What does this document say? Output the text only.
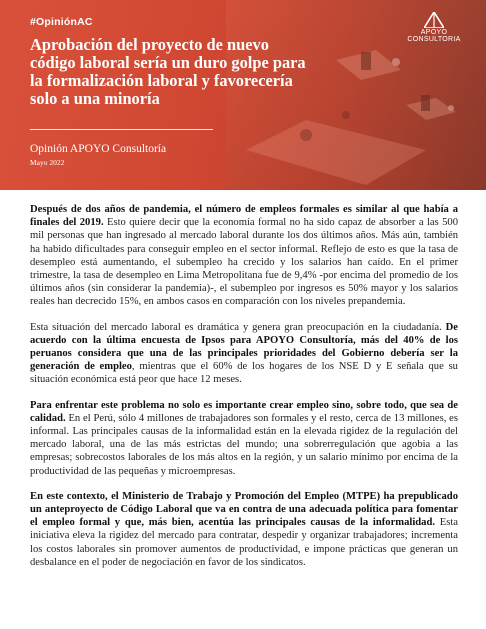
#OpiniónAC
APOYO
CONSULTORIA
Aprobación del proyecto de nuevo código laboral sería un duro golpe para la formalización laboral y favorecería solo a una minoría
Opinión APOYO Consultoría
Mayo 2022

Después de dos años de pandemia, el número de empleos formales es similar al que había a finales del 2019. Esto quiere decir que la economía formal no ha sido capaz de absorber a las 500 mil personas que han ingresado al mercado laboral durante los dos últimos años. Más aún, también ha habido dificultades para conseguir empleo en el sector informal. Reflejo de esto es que la tasa de desempleo está aumentando, el subempleo ha crecido y los salarios han caído. En el primer trimestre, la tasa de desempleo en Lima Metropolitana fue de 9,4% -por encima del promedio de los últimos años (sin considerar la pandemia)-, el subempleo por ingresos es 50% mayor y los salarios reales han decrecido 15%, en ambos casos en comparación con los niveles prepandemia.

Esta situación del mercado laboral es dramática y genera gran preocupación en la ciudadanía. De acuerdo con la última encuesta de Ipsos para APOYO Consultoría, más del 40% de los peruanos considera que una de las principales prioridades del Gobierno debería ser la generación de empleo, mientras que el 60% de los hogares de los NSE D y E señala que su situación económica está peor que hace 12 meses.

Para enfrentar este problema no solo es importante crear empleo sino, sobre todo, que sea de calidad. En el Perú, sólo 4 millones de trabajadores son formales y el resto, cerca de 13 millones, es informal. Las principales causas de la informalidad están en la elevada rigidez de la regulación del mercado laboral, una de las más estrictas del mundo; una sobrerregulación que agobia a las empresas; sobrecostos laborales de los más altos en la región, y un salario mínimo por encima de la productividad de las pequeñas y microempresas.

En este contexto, el Ministerio de Trabajo y Promoción del Empleo (MTPE) ha prepublicado un anteproyecto de Código Laboral que va en contra de una adecuada política para fomentar el empleo formal y que, más bien, acentúa las principales causas de la informalidad. Esta iniciativa eleva la rigidez del mercado para contratar, despedir y organizar trabajadores; incrementa los costos laborales sin promover aumentos de productividad, e impone prácticas que generan un desbalance en el poder de negociación en favor de los sindicatos.
